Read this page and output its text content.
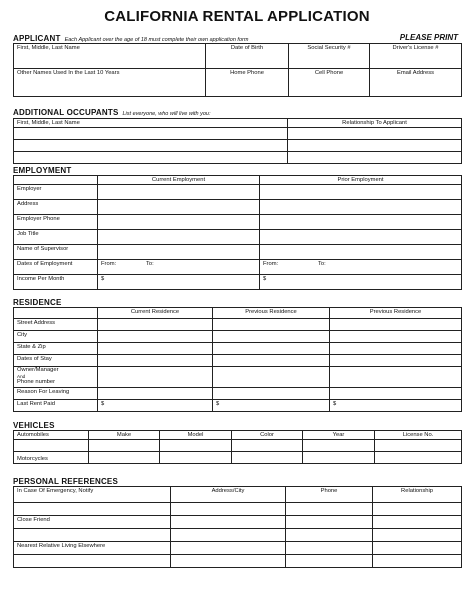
CALIFORNIA RENTAL APPLICATION
APPLICANT Each Applicant over the age of 18 must complete their own application form	PLEASE PRINT
First, Middle, Last Name	Date of Birth	Social Security #	Driver's License #
Other Names Used In the Last 10 Years	Home Phone	Cell Phone	Email Address
ADDITIONAL OCCUPANTS List everyone, who will live with you:
First, Middle, Last Name	Relationship To Applicant

EMPLOYMENT
	Current Employment	Prior Employment
Employer		
Address		
Employer Phone		
Job Title		
Name of Supervisor		
Dates of Employment	From: To:	From: To:
Income Per Month	$	$
RESIDENCE
	Current Residence	Previous Residence	Previous Residence
Street Address			
City			
State & Zip			
Dates of Stay			

Owner/Manager
And
Phone number			

Reason For Leaving			
Last Rent Paid	$	$	$
VEHICLES
Automobiles	Make	Model	Color	Year	License No.

Motorcycles					
PERSONAL REFERENCES
In Case Of Emergency, Notify	Address/City	Phone	Relationship

Close Friend			

Nearest Relative Living Elsewhere			
